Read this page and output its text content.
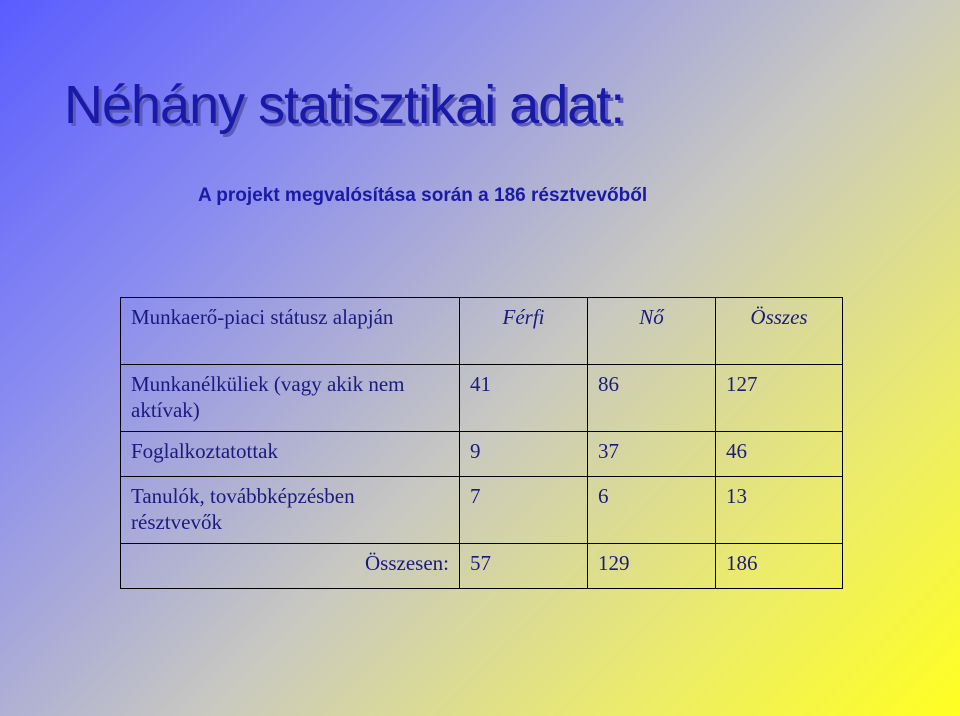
Néhány statisztikai adat:
A projekt megvalósítása során a 186 résztvevőből
Munkaerő-piaci státusz alapján	Férfi	Nő	Összes
Munkanélküliek (vagy akik nem aktívak)	41	86	127
Foglalkoztatottak	9	37	46
Tanulók, továbbképzésben résztvevők	7	6	13
Összesen:	57	129	186
